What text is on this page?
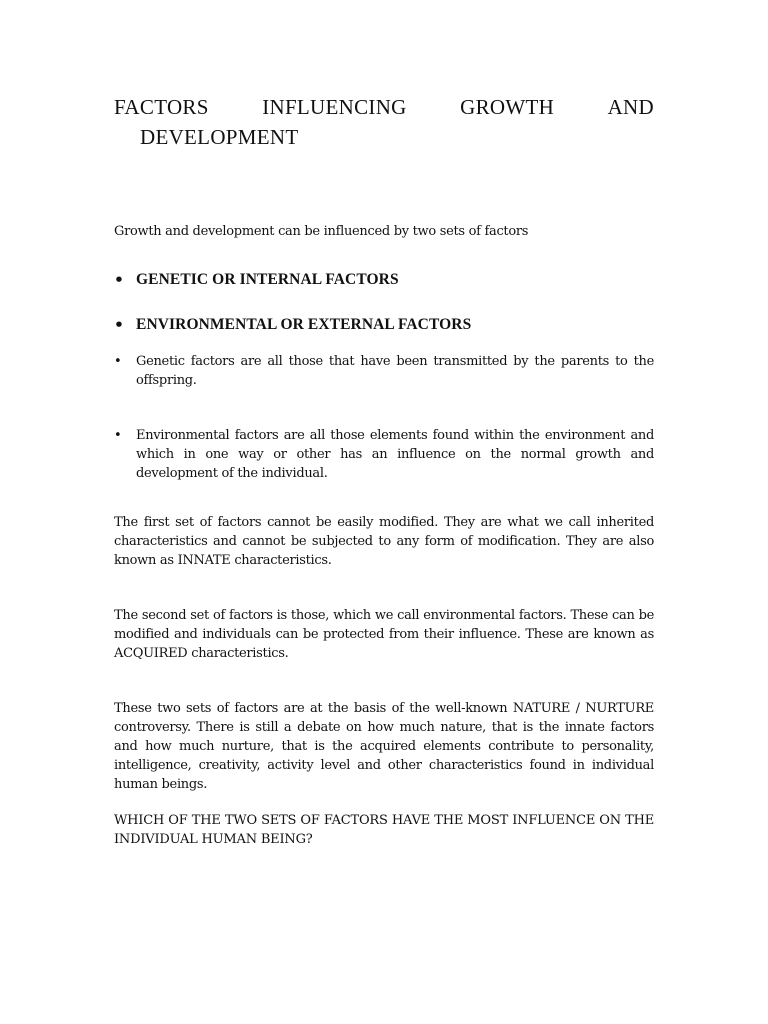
FACTORS	INFLUENCING	GROWTH	AND
DEVELOPMENT

Growth and development can be influenced by two sets of factors

• GENETIC OR INTERNAL FACTORS
• ENVIRONMENTAL OR EXTERNAL FACTORS
• Genetic factors are all those that have been transmitted by the parents to the offspring.
• Environmental factors are all those elements found within the environment and which in one way or other has an influence on the normal growth and development of the individual.

The first set of factors cannot be easily modified. They are what we call inherited characteristics and cannot be subjected to any form of modification. They are also known as INNATE characteristics.

The second set of factors is those, which we call environmental factors. These can be modified and individuals can be protected from their influence. These are known as ACQUIRED characteristics.

These two sets of factors are at the basis of the well-known NATURE / NURTURE controversy. There is still a debate on how much nature, that is the innate factors and how much nurture, that is the acquired elements contribute to personality, intelligence, creativity, activity level and other characteristics found in individual human beings.

WHICH OF THE TWO SETS OF FACTORS HAVE THE MOST INFLUENCE ON THE INDIVIDUAL HUMAN BEING?
